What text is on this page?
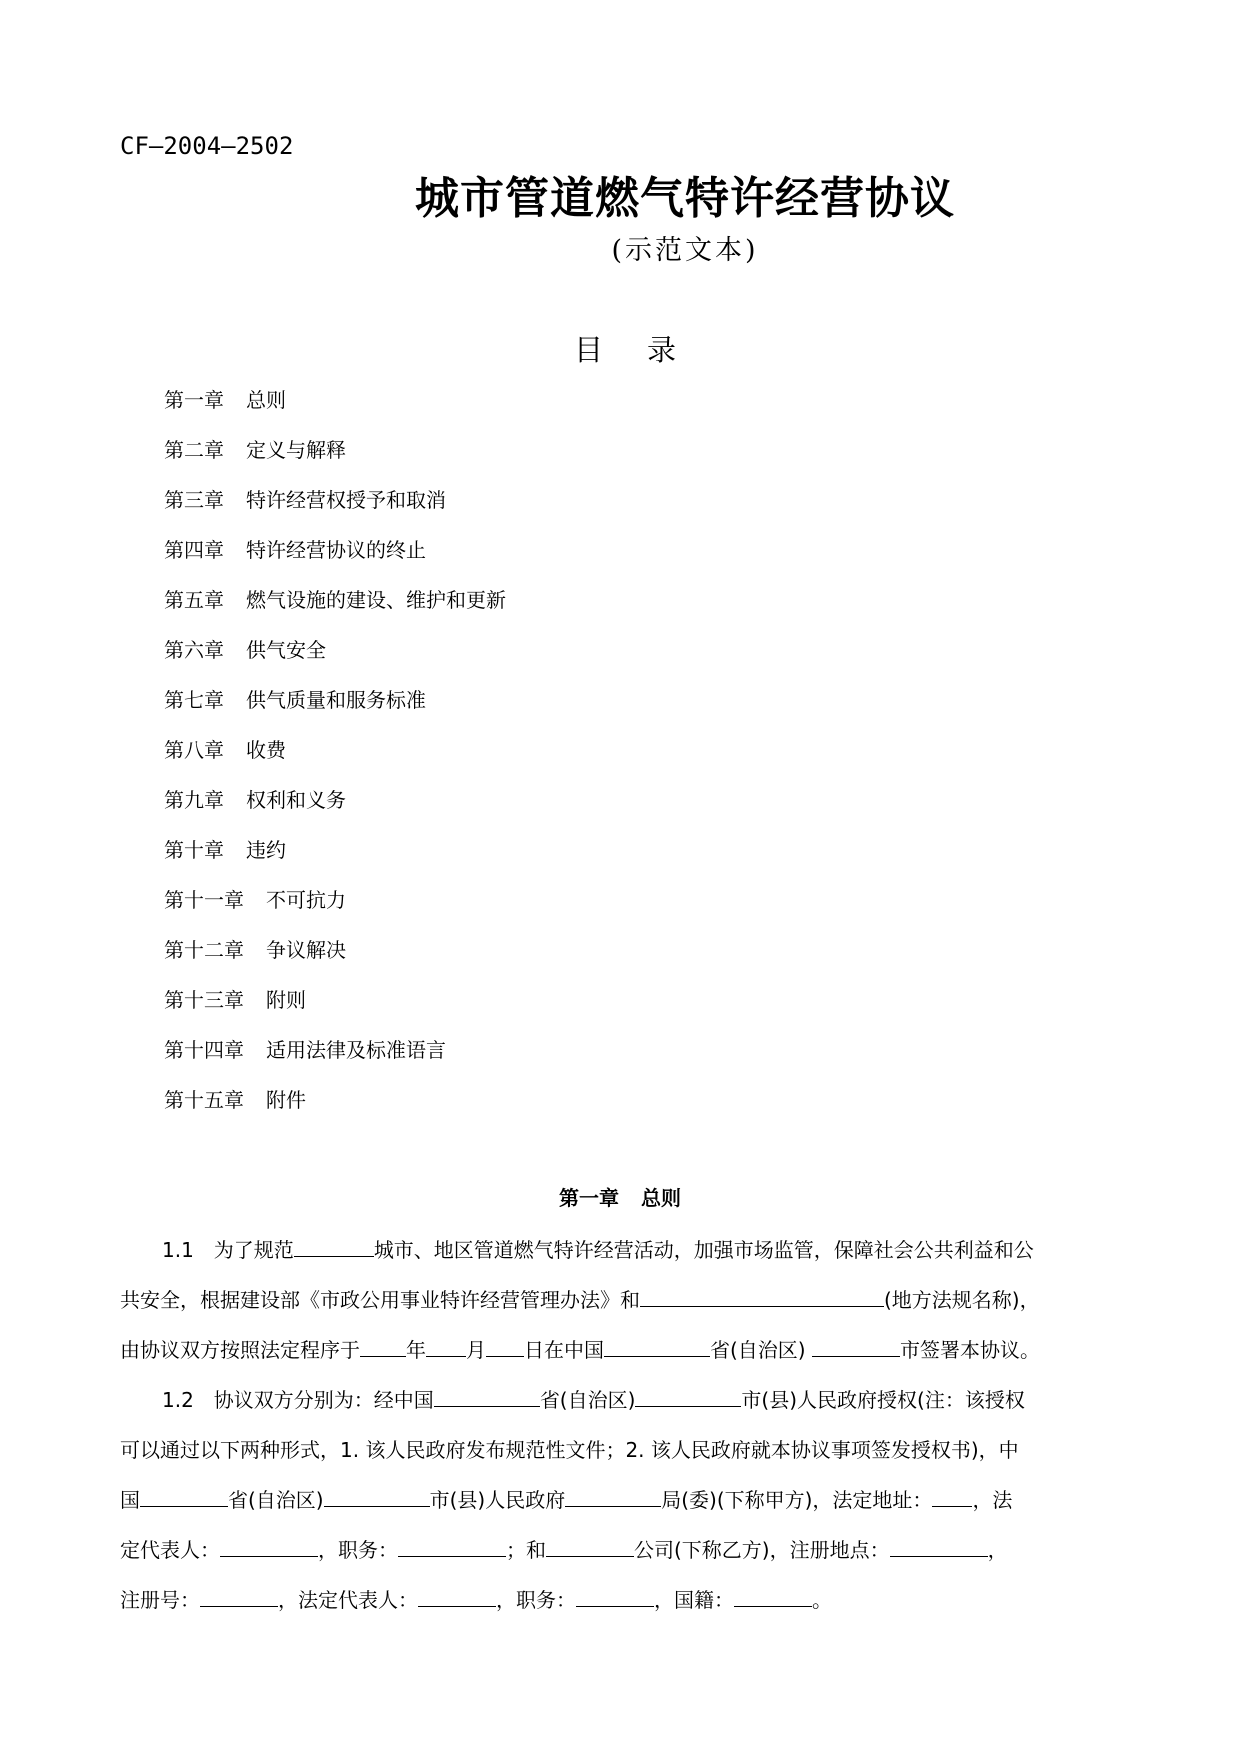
CF—2004—2502
城市管道燃气特许经营协议
(示范文本)
目 录
第一章 总则
第二章 定义与解释
第三章 特许经营权授予和取消
第四章 特许经营协议的终止
第五章 燃气设施的建设、维护和更新
第六章 供气安全
第七章 供气质量和服务标准
第八章 收费
第九章 权利和义务
第十章 违约
第十一章 不可抗力
第十二章 争议解决
第十三章 附则
第十四章 适用法律及标准语言
第十五章 附件
第一章 总则

1.1　为了规范	城市、地区管道燃气特许经营活动，加强市场监管，保障社会公共利益和公
共安全，根据建设部《市政公用事业特许经营管理办法》和	(地方法规名称)，
由协议双方按照法定程序于 年 月 日在中国	省(自治区)	市签署本协议。

1.2　协议双方分别为：经中国	省(自治区)	市(县)人民政府授权(注：该授权
可以通过以下两种形式，1. 该人民政府发布规范性文件；2. 该人民政府就本协议事项签发授权书)，中
国	省(自治区)	市(县)人民政府	局(委)(下称甲方)，法定地址： ，法
定代表人：	，职务：	；和	公司(下称乙方)，注册地点：	，
注册号：	，法定代表人：	，职务：	，国籍：	。
